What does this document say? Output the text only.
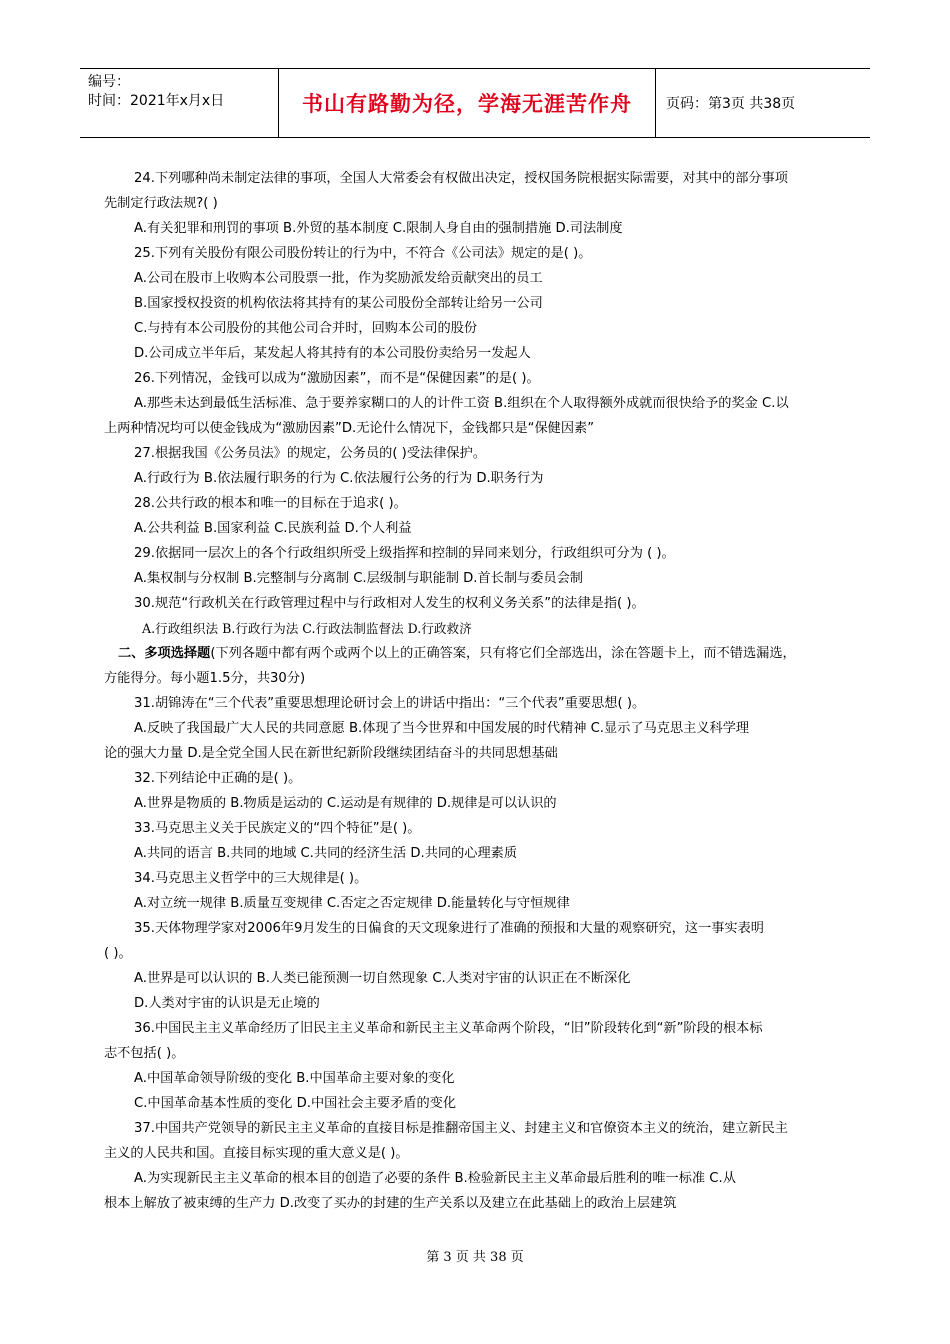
编号：
时间：2021年x月x日	书山有路勤为径，学海无涯苦作舟	页码：第3页 共38页
24.下列哪种尚未制定法律的事项，全国人大常委会有权做出决定，授权国务院根据实际需要，对其中的部分事项
先制定行政法规?( )
A.有关犯罪和刑罚的事项 B.外贸的基本制度 C.限制人身自由的强制措施 D.司法制度
25.下列有关股份有限公司股份转让的行为中，不符合《公司法》规定的是( )。
A.公司在股市上收购本公司股票一批，作为奖励派发给贡献突出的员工
B.国家授权投资的机构依法将其持有的某公司股份全部转让给另一公司
C.与持有本公司股份的其他公司合并时，回购本公司的股份
D.公司成立半年后，某发起人将其持有的本公司股份卖给另一发起人
26.下列情况，金钱可以成为“激励因素”，而不是“保健因素”的是( )。
A.那些未达到最低生活标准、急于要养家糊口的人的计件工资 B.组织在个人取得额外成就而很快给予的奖金 C.以
上两种情况均可以使金钱成为“激励因素”D.无论什么情况下，金钱都只是“保健因素”
27.根据我国《公务员法》的规定，公务员的( )受法律保护。
A.行政行为 B.依法履行职务的行为 C.依法履行公务的行为 D.职务行为
28.公共行政的根本和唯一的目标在于追求( )。
A.公共利益 B.国家利益 C.民族利益 D.个人利益
29.依据同一层次上的各个行政组织所受上级指挥和控制的异同来划分，行政组织可分为 ( )。
A.集权制与分权制 B.完整制与分离制 C.层级制与职能制 D.首长制与委员会制
30.规范“行政机关在行政管理过程中与行政相对人发生的权利义务关系”的法律是指( )。
A.行政组织法 B.行政行为法 C.行政法制监督法 D.行政救济
二、多项选择题(下列各题中都有两个或两个以上的正确答案，只有将它们全部选出，涂在答题卡上，而不错选漏选，
方能得分。每小题1.5分，共30分)
31.胡锦涛在“三个代表”重要思想理论研讨会上的讲话中指出：“三个代表”重要思想( )。
A.反映了我国最广大人民的共同意愿 B.体现了当今世界和中国发展的时代精神 C.显示了马克思主义科学理
论的强大力量 D.是全党全国人民在新世纪新阶段继续团结奋斗的共同思想基础
32.下列结论中正确的是( )。
A.世界是物质的 B.物质是运动的 C.运动是有规律的 D.规律是可以认识的
33.马克思主义关于民族定义的“四个特征”是( )。
A.共同的语言 B.共同的地域 C.共同的经济生活 D.共同的心理素质
34.马克思主义哲学中的三大规律是( )。
A.对立统一规律 B.质量互变规律 C.否定之否定规律 D.能量转化与守恒规律
35.天体物理学家对2006年9月发生的日偏食的天文现象进行了准确的预报和大量的观察研究，这一事实表明
( )。
A.世界是可以认识的 B.人类已能预测一切自然现象 C.人类对宇宙的认识正在不断深化
D.人类对宇宙的认识是无止境的
36.中国民主主义革命经历了旧民主主义革命和新民主主义革命两个阶段，“旧”阶段转化到“新”阶段的根本标
志不包括( )。
A.中国革命领导阶级的变化 B.中国革命主要对象的变化
C.中国革命基本性质的变化 D.中国社会主要矛盾的变化
37.中国共产党领导的新民主主义革命的直接目标是推翻帝国主义、封建主义和官僚资本主义的统治，建立新民主
主义的人民共和国。直接目标实现的重大意义是( )。
A.为实现新民主主义革命的根本目的创造了必要的条件 B.检验新民主主义革命最后胜利的唯一标准 C.从
根本上解放了被束缚的生产力 D.改变了买办的封建的生产关系以及建立在此基础上的政治上层建筑
第 3 页 共 38 页
